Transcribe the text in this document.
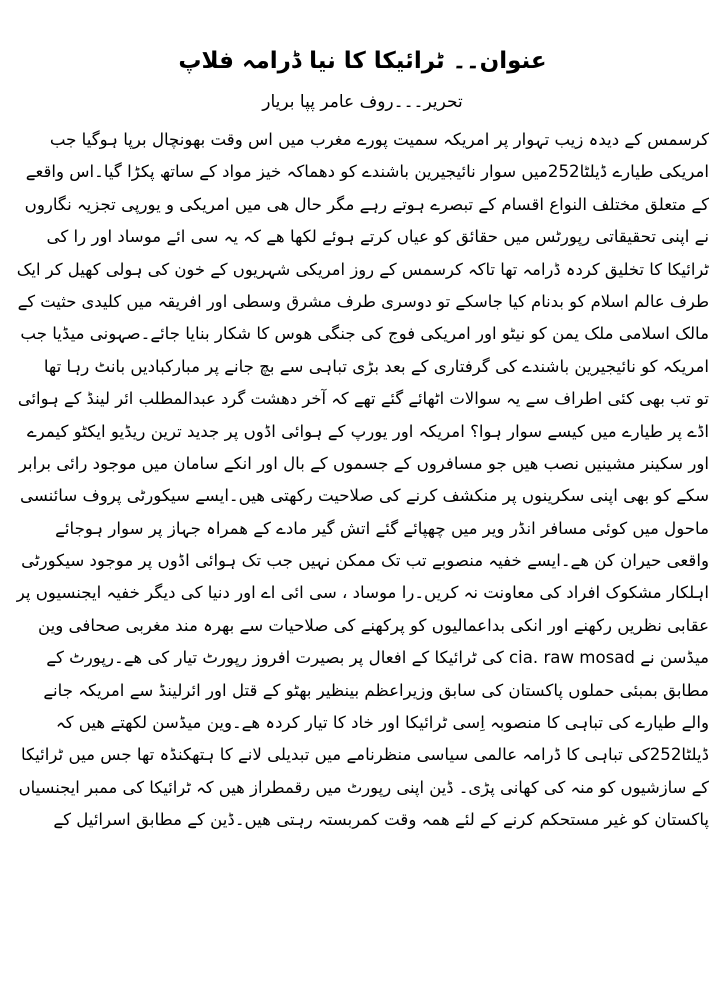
عنوان۔۔ ٹرائیکا کا نیا ڈرامہ فلاپ
تحریر۔۔۔روف عامر پپا بریار
کرسمس کے دیدہ زیب تہوار پر امریکہ سمیت پورے مغرب میں اس وقت بھونچال برپا ہوگیا جب
امریکی طیارے ڈیلٹا252میں سوار نائیجیرین باشندے کو دھماکہ خیز مواد کے ساتھ پکڑا گیا۔اس واقعے
کے متعلق مختلف النواع اقسام کے تبصرے ہوتے رہے مگر حال ھی میں امریکی و یورپی تجزیہ نگاروں
نے اپنی تحقیقاتی رپورٹس میں حقائق کو عیاں کرتے ہوئے لکھا ھے کہ یہ سی ائے موساد اور را کی
ٹرائیکا کا تخلیق کردہ ڈرامہ تھا تاکہ کرسمس کے روز امریکی شہریوں کے خون کی ہولی کھیل کر ایک
طرف عالم اسلام کو بدنام کیا جاسکے تو دوسری طرف مشرق وسطی اور افریقہ میں کلیدی حثیت کے
مالک اسلامی ملک یمن کو نیٹو اور امریکی فوج کی جنگی ھوس کا شکار بنایا جائے۔صہونی میڈیا جب
امریکہ کو نائیجیرین باشندے کی گرفتاری کے بعد بڑی تباہی سے بچ جانے پر مبارکبادیں بانٹ رہا تھا
تو تب بھی کئی اطراف سے یہ سوالات اٹھائے گئے تھے کہ آخر دھشت گرد عبدالمطلب ائر لینڈ کے ہوائی
اڈے پر طیارے میں کیسے سوار ہوا؟ امریکہ اور یورپ کے ہوائی اڈوں پر جدید ترین ریڈیو ایکٹو کیمرے
اور سکینر مشینیں نصب ھیں جو مسافروں کے جسموں کے بال اور انکے سامان میں موجود رائی برابر
سکے کو بھی اپنی سکرینوں پر منکشف کرنے کی صلاحیت رکھتی ھیں۔ایسے سیکورٹی پروف سائنسی
ماحول میں کوئی مسافر انڈر ویر میں چھپائے گئے اتش گیر مادے کے ھمراہ جہاز پر سوار ہوجائے
واقعی حیران کن ھے۔ایسے خفیہ منصوبے تب تک ممکن نہیں جب تک ہوائی اڈوں پر موجود سیکورٹی
اہلکار مشکوک افراد کی معاونت نہ کریں۔را موساد ، سی ائی اے اور دنیا کی دیگر خفیہ ایجنسیوں پر
عقابی نظریں رکھنے اور انکی بداعمالیوں کو پرکھنے کی صلاحیات سے بھرہ مند مغربی صحافی وین
میڈسن نے cia. raw mosad کی ٹرائیکا کے افعال پر بصیرت افروز رپورٹ تیار کی ھے۔رپورٹ کے
مطابق بمبئی حملوں پاکستان کی سابق وزیراعظم بینظیر بھٹو کے قتل اور ائرلینڈ سے امریکہ جانے
والے طیارے کی تباہی کا منصوبہ اِسی ٹرائیکا اور خاد کا تیار کردہ ھے۔وین میڈسن لکھتے ھیں کہ
ڈیلٹا252کی تباہی کا ڈرامہ عالمی سیاسی منظرنامے میں تبدیلی لانے کا ہتھکنڈہ تھا جس میں ٹرائیکا
کے سازشیوں کو منہ کی کھانی پڑی۔ ڈین اپنی رپورٹ میں رقمطراز ھیں کہ ٹرائیکا کی ممبر ایجنسیاں
پاکستان کو غیر مستحکم کرنے کے لئے ھمہ وقت کمربستہ رہتی ھیں۔ڈین کے مطابق اسرائیل کے
